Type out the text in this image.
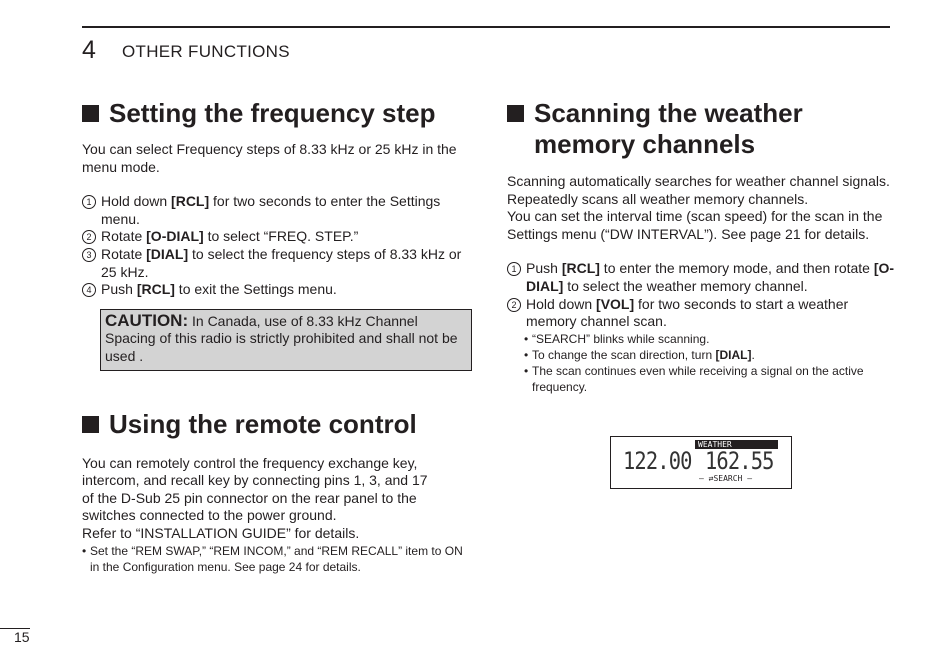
4 OTHER FUNCTIONS
Setting the frequency step

You can select Frequency steps of 8.33 kHz or 25 kHz in the menu mode.

1 Hold down [RCL] for two seconds to enter the Settings menu.
2 Rotate [O-DIAL] to select “FREQ. STEP.”
3 Rotate [DIAL] to select the frequency steps of 8.33 kHz or 25 kHz.
4 Push [RCL] to exit the Settings menu.
CAUTION: In Canada, use of 8.33 kHz Channel Spacing of this radio is strictly prohibited and shall not be used .
Using the remote control

You can remotely control the frequency exchange key,
intercom, and recall key by connecting pins 1, 3, and 17
of the D-Sub 25 pin connector on the rear panel to the
switches connected to the power ground.
Refer to “INSTALLATION GUIDE” for details.

• Set the “REM SWAP,” “REM INCOM,” and “REM RECALL” item to ON in the Configuration menu. See page 24 for details.
Scanning the weather
memory channels

Scanning automatically searches for weather channel signals.
Repeatedly scans all weather memory channels.
You can set the interval time (scan speed) for the scan in the Settings menu (“DW INTERVAL”). See page 21 for details.

1 Push [RCL] to enter the memory mode, and then rotate [O-DIAL] to select the weather memory channel.
2 Hold down [VOL] for two seconds to start a weather memory channel scan.
• “SEARCH” blinks while scanning.
• To change the scan direction, turn [DIAL].
• The scan continues even while receiving a signal on the active frequency.
WEATHER
122.00 162.55
— ⇄SEARCH —
15
